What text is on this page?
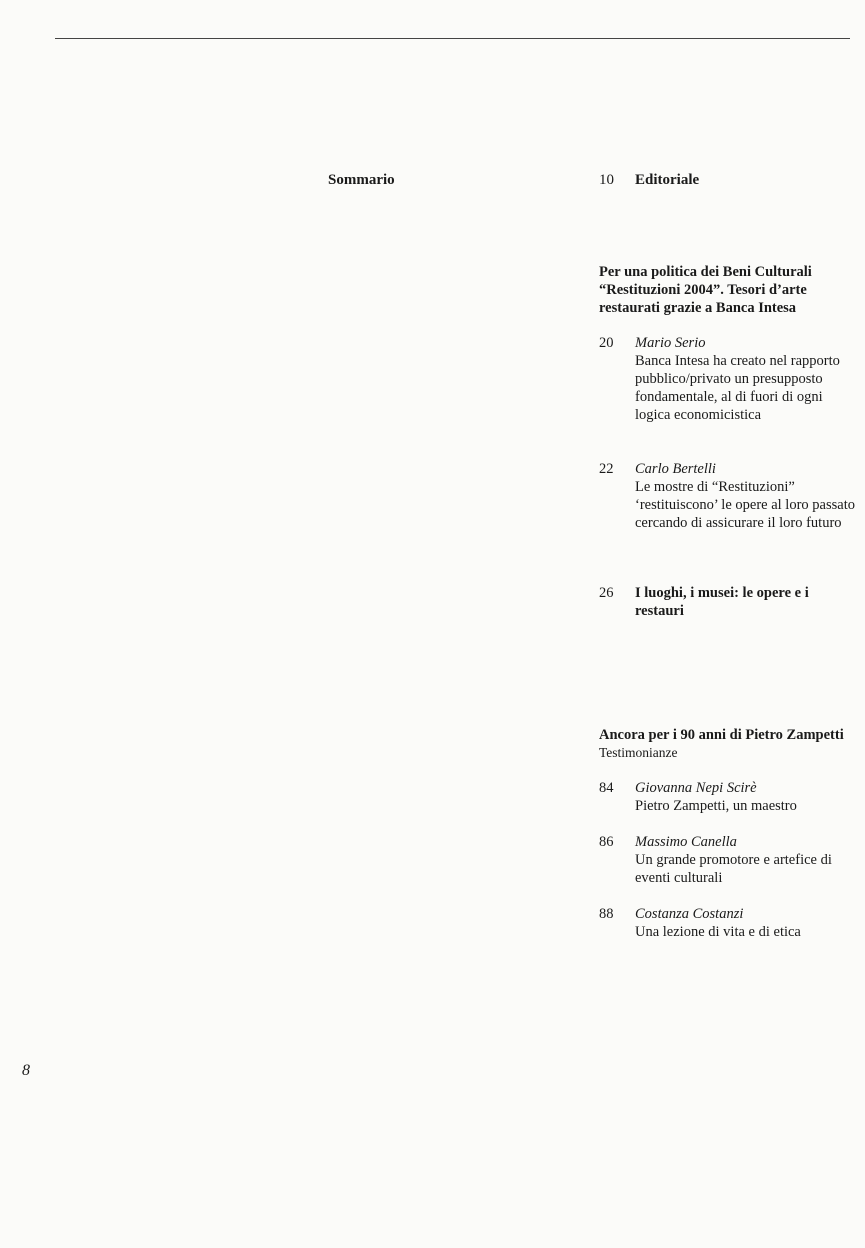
Sommario	10 Editoriale
Per una politica dei Beni Culturali “Restituzioni 2004”. Tesori d’arte restaurati grazie a Banca Intesa
20	Mario Serio
Banca Intesa ha creato nel rapporto pubblico/privato un presupposto fondamentale, al di fuori di ogni logica economicistica
22	Carlo Bertelli
Le mostre di “Restituzioni” ‘restituiscono’ le opere al loro passato cercando di assicurare il loro futuro
26	I luoghi, i musei: le opere e i restauri
Ancora per i 90 anni di Pietro Zampetti
Testimonianze
84	Giovanna Nepi Scirè
Pietro Zampetti, un maestro
86	Massimo Canella
Un grande promotore e artefice di eventi culturali
88	Costanza Costanzi
Una lezione di vita e di etica
8
